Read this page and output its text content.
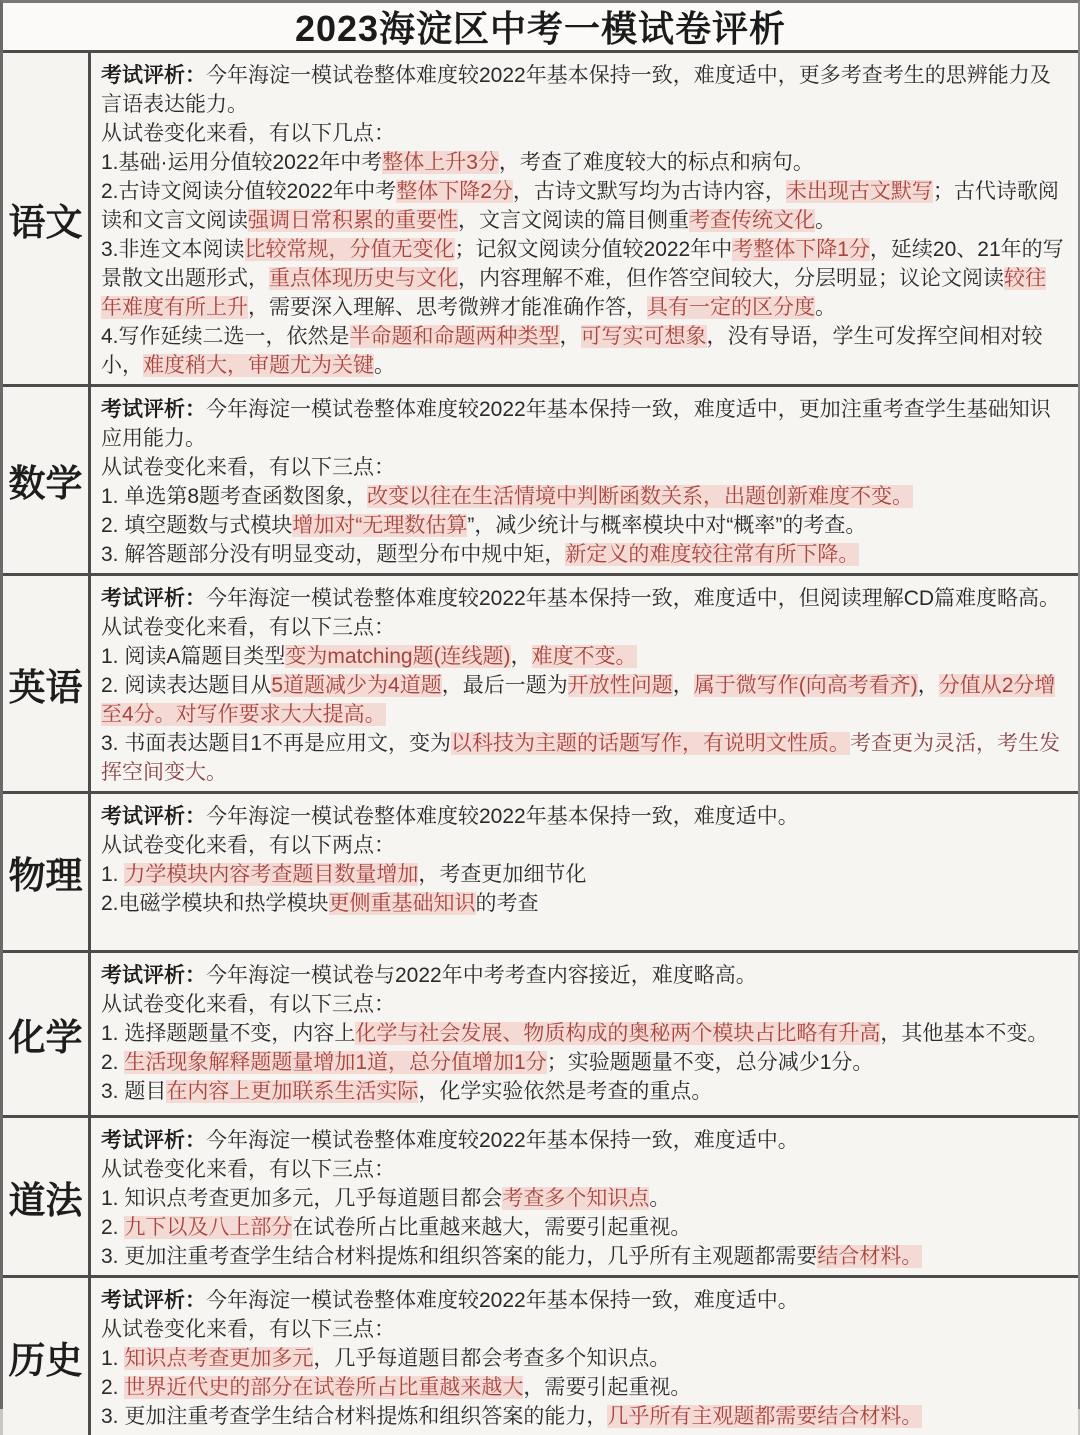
2023海淀区中考一模试卷评析
语文

考试评析：今年海淀一模试卷整体难度较2022年基本保持一致，难度适中，更多考查考生的思辨能力及言语表达能力。

从试卷变化来看，有以下几点：

1.基础·运用分值较2022年中考整体上升3分，考查了难度较大的标点和病句。

2.古诗文阅读分值较2022年中考整体下降2分，古诗文默写均为古诗内容，未出现古文默写；古代诗歌阅读和文言文阅读强调日常积累的重要性，文言文阅读的篇目侧重考查传统文化。

3.非连文本阅读比较常规，分值无变化；记叙文阅读分值较2022年中考整体下降1分，延续20、21年的写景散文出题形式，重点体现历史与文化，内容理解不难，但作答空间较大，分层明显；议论文阅读较往年难度有所上升，需要深入理解、思考微辨才能准确作答，具有一定的区分度。

4.写作延续二选一，依然是半命题和命题两种类型，可写实可想象，没有导语，学生可发挥空间相对较小，难度稍大，审题尤为关键。

数学

考试评析：今年海淀一模试卷整体难度较2022年基本保持一致，难度适中，更加注重考查学生基础知识应用能力。

从试卷变化来看，有以下三点：

1. 单选第8题考查函数图象，改变以往在生活情境中判断函数关系，出题创新难度不变。

2. 填空题数与式模块增加对“无理数估算”，减少统计与概率模块中对“概率”的考查。

3. 解答题部分没有明显变动，题型分布中规中矩，新定义的难度较往常有所下降。

英语

考试评析：今年海淀一模试卷整体难度较2022年基本保持一致，难度适中，但阅读理解CD篇难度略高。

从试卷变化来看，有以下三点：

1. 阅读A篇题目类型变为matching题(连线题)，难度不变。

2. 阅读表达题目从5道题减少为4道题，最后一题为开放性问题，属于微写作(向高考看齐)，分值从2分增至4分。对写作要求大大提高。

3. 书面表达题目1不再是应用文，变为以科技为主题的话题写作，有说明文性质。考查更为灵活，考生发挥空间变大。

物理

考试评析：今年海淀一模试卷整体难度较2022年基本保持一致，难度适中。

从试卷变化来看，有以下两点：

1. 力学模块内容考查题目数量增加，考查更加细节化

2.电磁学模块和热学模块更侧重基础知识的考查

化学

考试评析：今年海淀一模试卷与2022年中考考查内容接近，难度略高。

从试卷变化来看，有以下三点：

1. 选择题题量不变，内容上化学与社会发展、物质构成的奥秘两个模块占比略有升高，其他基本不变。

2. 生活现象解释题题量增加1道，总分值增加1分；实验题题量不变，总分减少1分。

3. 题目在内容上更加联系生活实际，化学实验依然是考查的重点。

道法

考试评析：今年海淀一模试卷整体难度较2022年基本保持一致，难度适中。

从试卷变化来看，有以下三点：

1. 知识点考查更加多元，几乎每道题目都会考查多个知识点。

2. 九下以及八上部分在试卷所占比重越来越大，需要引起重视。

3. 更加注重考查学生结合材料提炼和组织答案的能力，几乎所有主观题都需要结合材料。

历史

考试评析：今年海淀一模试卷整体难度较2022年基本保持一致，难度适中。

从试卷变化来看，有以下三点：

1. 知识点考查更加多元，几乎每道题目都会考查多个知识点。

2. 世界近代史的部分在试卷所占比重越来越大，需要引起重视。

3. 更加注重考查学生结合材料提炼和组织答案的能力，几乎所有主观题都需要结合材料。
